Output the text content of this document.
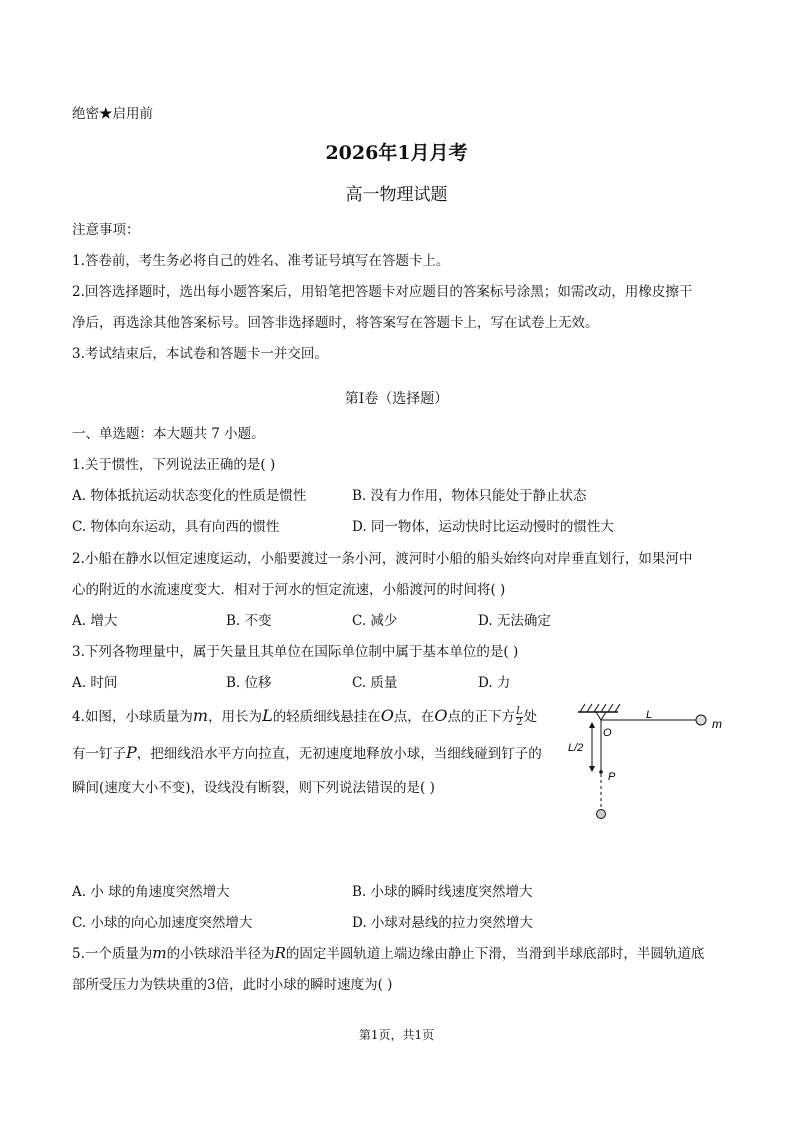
绝密★启用前
2026年1月月考
高一物理试题
注意事项：
1.答卷前，考生务必将自己的姓名、准考证号填写在答题卡上。
2.回答选择题时，选出每小题答案后，用铅笔把答题卡对应题目的答案标号涂黑；如需改动，用橡皮擦干
净后，再选涂其他答案标号。回答非选择题时，将答案写在答题卡上，写在试卷上无效。
3.考试结束后，本试卷和答题卡一并交回。
第Ⅰ卷（选择题）
一、单选题：本大题共 7 小题。
1.关于惯性，下列说法正确的是( )
A. 物体抵抗运动状态变化的性质是惯性	B. 没有力作用，物体只能处于静止状态
C. 物体向东运动，具有向西的惯性	D. 同一物体，运动快时比运动慢时的惯性大
2.小船在静水以恒定速度运动，小船要渡过一条小河，渡河时小船的船头始终向对岸垂直划行，如果河中
心的附近的水流速度变大．相对于河水的恒定流速，小船渡河的时间将( )
A. 增大	B. 不变	C. 减少	D. 无法确定
3.下列各物理量中，属于矢量且其单位在国际单位制中属于基本单位的是( )
A. 时间	B. 位移	C. 质量	D. 力
4.如图，小球质量为m，用长为L的轻质细线悬挂在O点，在O点的正下方 $\frac{L}{2}$ 处
有一钉子P，把细线沿水平方向拉直，无初速度地释放小球，当细线碰到钉子的
瞬间(速度大小不变)，设线没有断裂，则下列说法错误的是( )
m
L
O
L/2
P
A. 小 球的角速度突然增大	B. 小球的瞬时线速度突然增大
C. 小球的向心加速度突然增大	D. 小球对悬线的拉力突然增大
5.一个质量为m的小铁球沿半径为R的固定半圆轨道上端边缘由静止下滑，当滑到半球底部时，半圆轨道底
部所受压力为铁块重的3倍，此时小球的瞬时速度为( )
第1页，共1页
